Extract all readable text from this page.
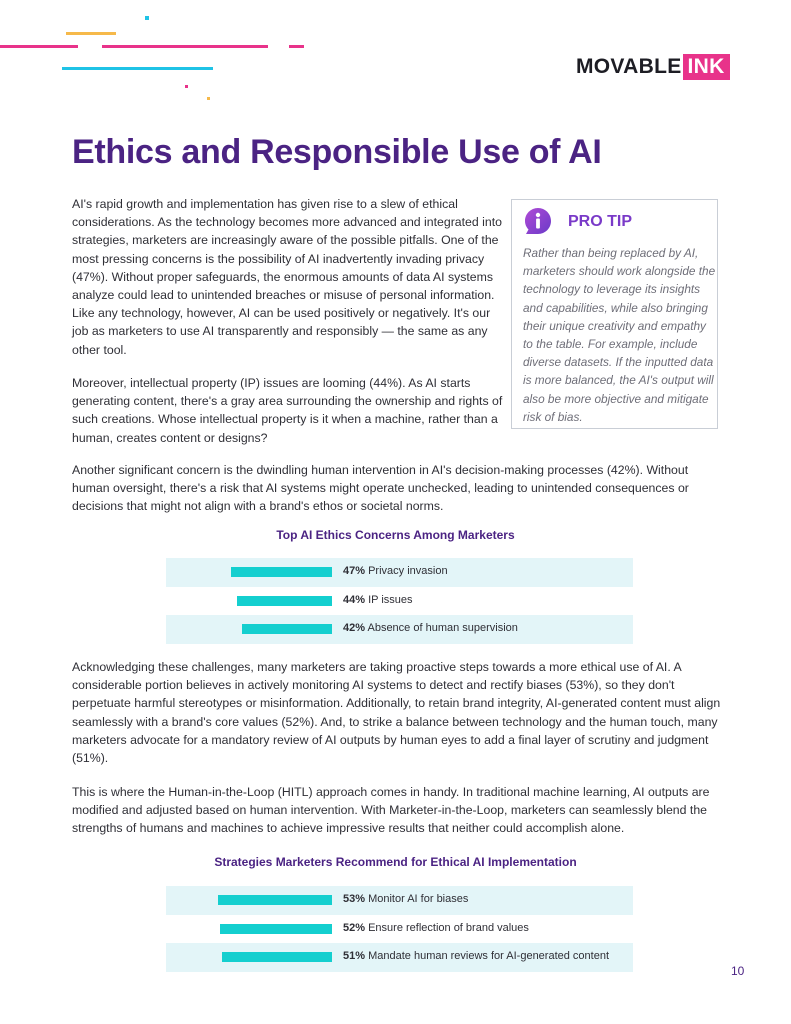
MOVABLE INK
Ethics and Responsible Use of AI

AI's rapid growth and implementation has given rise to a slew of ethical considerations. As the technology becomes more advanced and integrated into strategies, marketers are increasingly aware of the possible pitfalls. One of the most pressing concerns is the possibility of AI inadvertently invading privacy (47%). Without proper safeguards, the enormous amounts of data AI systems analyze could lead to unintended breaches or misuse of personal information. Like any technology, however, AI can be used positively or negatively. It's our job as marketers to use AI transparently and responsibly — the same as any other tool.

Moreover, intellectual property (IP) issues are looming (44%). As AI starts generating content, there's a gray area surrounding the ownership and rights of such creations. Whose intellectual property is it when a machine, rather than a human, creates content or designs?

PRO TIP

Rather than being replaced by AI, marketers should work alongside the technology to leverage its insights and capabilities, while also bringing their unique creativity and empathy to the table. For example, include diverse datasets. If the inputted data is more balanced, the AI's output will also be more objective and mitigate risk of bias.

Another significant concern is the dwindling human intervention in AI's decision-making processes (42%). Without human oversight, there's a risk that AI systems might operate unchecked, leading to unintended consequences or decisions that might not align with a brand's ethos or societal norms.

Top AI Ethics Concerns Among Marketers
47% Privacy invasion
44% IP issues
42% Absence of human supervision

Acknowledging these challenges, many marketers are taking proactive steps towards a more ethical use of AI. A considerable portion believes in actively monitoring AI systems to detect and rectify biases (53%), so they don't perpetuate harmful stereotypes or misinformation. Additionally, to retain brand integrity, AI-generated content must align seamlessly with a brand's core values (52%). And, to strike a balance between technology and the human touch, many marketers advocate for a mandatory review of AI outputs by human eyes to add a final layer of scrutiny and judgment (51%).

This is where the Human-in-the-Loop (HITL) approach comes in handy. In traditional machine learning, AI outputs are modified and adjusted based on human intervention. With Marketer-in-the-Loop, marketers can seamlessly blend the strengths of humans and machines to achieve impressive results that neither could accomplish alone.

Strategies Marketers Recommend for Ethical AI Implementation
53% Monitor AI for biases
52% Ensure reflection of brand values
51% Mandate human reviews for AI-generated content
10
